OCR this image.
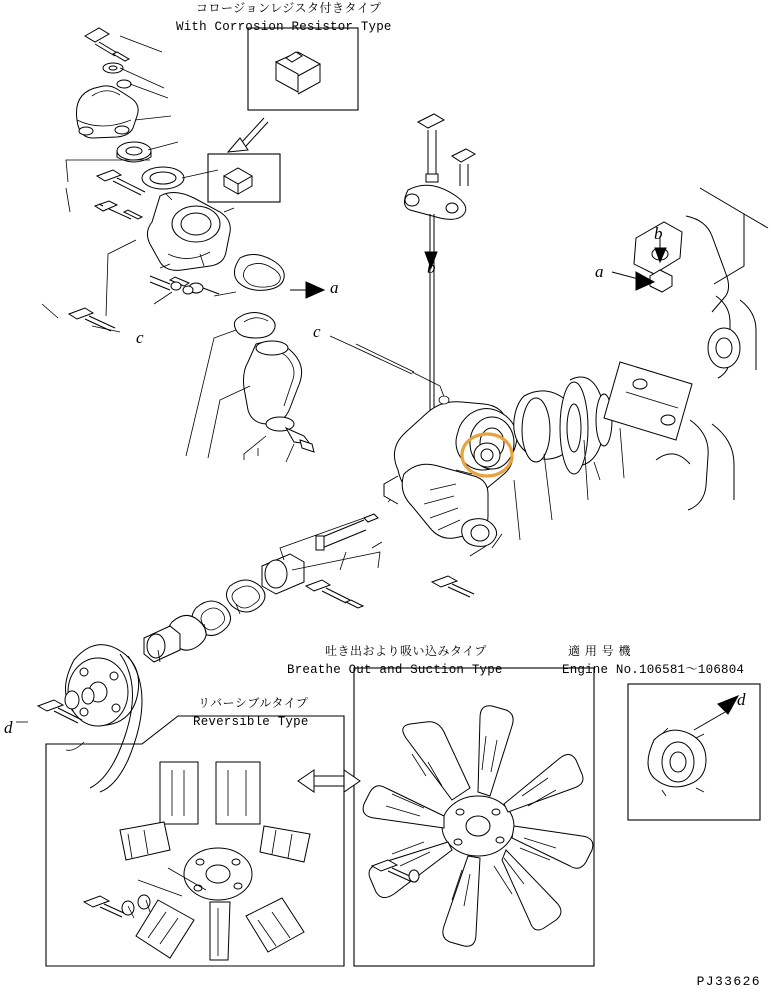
コロージョンレジスタ付きタイプ
With Corrosion Resistor Type
吐き出おより吸い込みタイプ
Breathe Out and Suction Type
リバーシブルタイプ
Reversible Type
適 用 号 機
Engine No.106581〜106804
a
b
c	c
a
b
d
d
PJ33626
